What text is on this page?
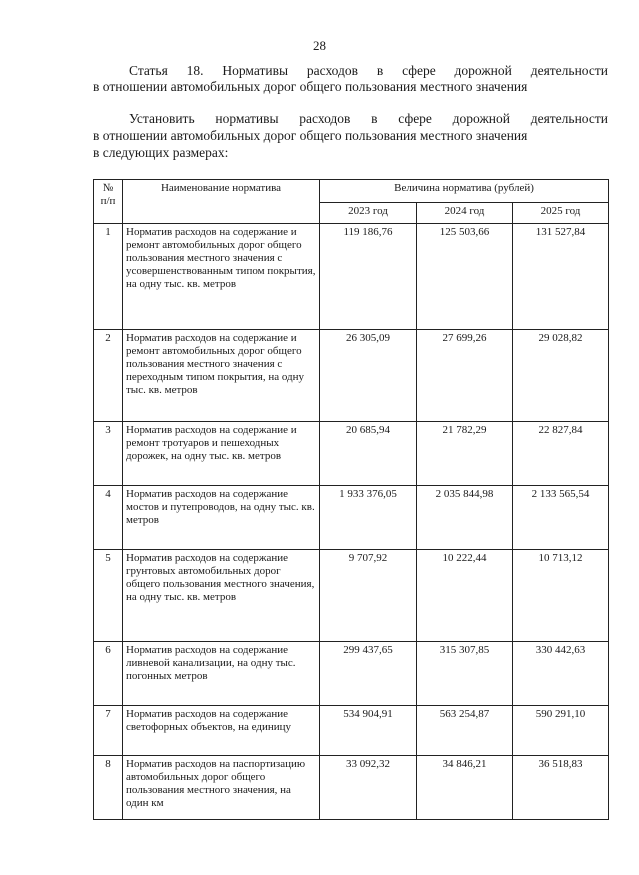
28
Статья 18. Нормативы расходов в сфере дорожной деятельности
в отношении автомобильных дорог общего пользования местного значения
Установить нормативы расходов в сфере дорожной деятельности
в отношении автомобильных дорог общего пользования местного значения
в следующих размерах:
№ п/п	Наименование норматива	Величина норматива (рублей)		
		2023 год	2024 год	2025 год
1	Норматив расходов на содержание и ремонт автомобильных дорог общего пользования местного значения с усовершенствованным типом покрытия, на одну тыс. кв. метров	119 186,76	125 503,66	131 527,84
2	Норматив расходов на содержание и ремонт автомобильных дорог общего пользования местного значения с переходным типом покрытия, на одну тыс. кв. метров	26 305,09	27 699,26	29 028,82
3	Норматив расходов на содержание и ремонт тротуаров и пешеходных дорожек, на одну тыс. кв. метров	20 685,94	21 782,29	22 827,84
4	Норматив расходов на содержание мостов и путепроводов, на одну тыс. кв. метров	1 933 376,05	2 035 844,98	2 133 565,54
5	Норматив расходов на содержание грунтовых автомобильных дорог общего пользования местного значения, на одну тыс. кв. метров	9 707,92	10 222,44	10 713,12
6	Норматив расходов на содержание ливневой канализации, на одну тыс. погонных метров	299 437,65	315 307,85	330 442,63
7	Норматив расходов на содержание светофорных объектов, на единицу	534 904,91	563 254,87	590 291,10
8	Норматив расходов на паспортизацию автомобильных дорог общего пользования местного значения, на один км	33 092,32	34 846,21	36 518,83
